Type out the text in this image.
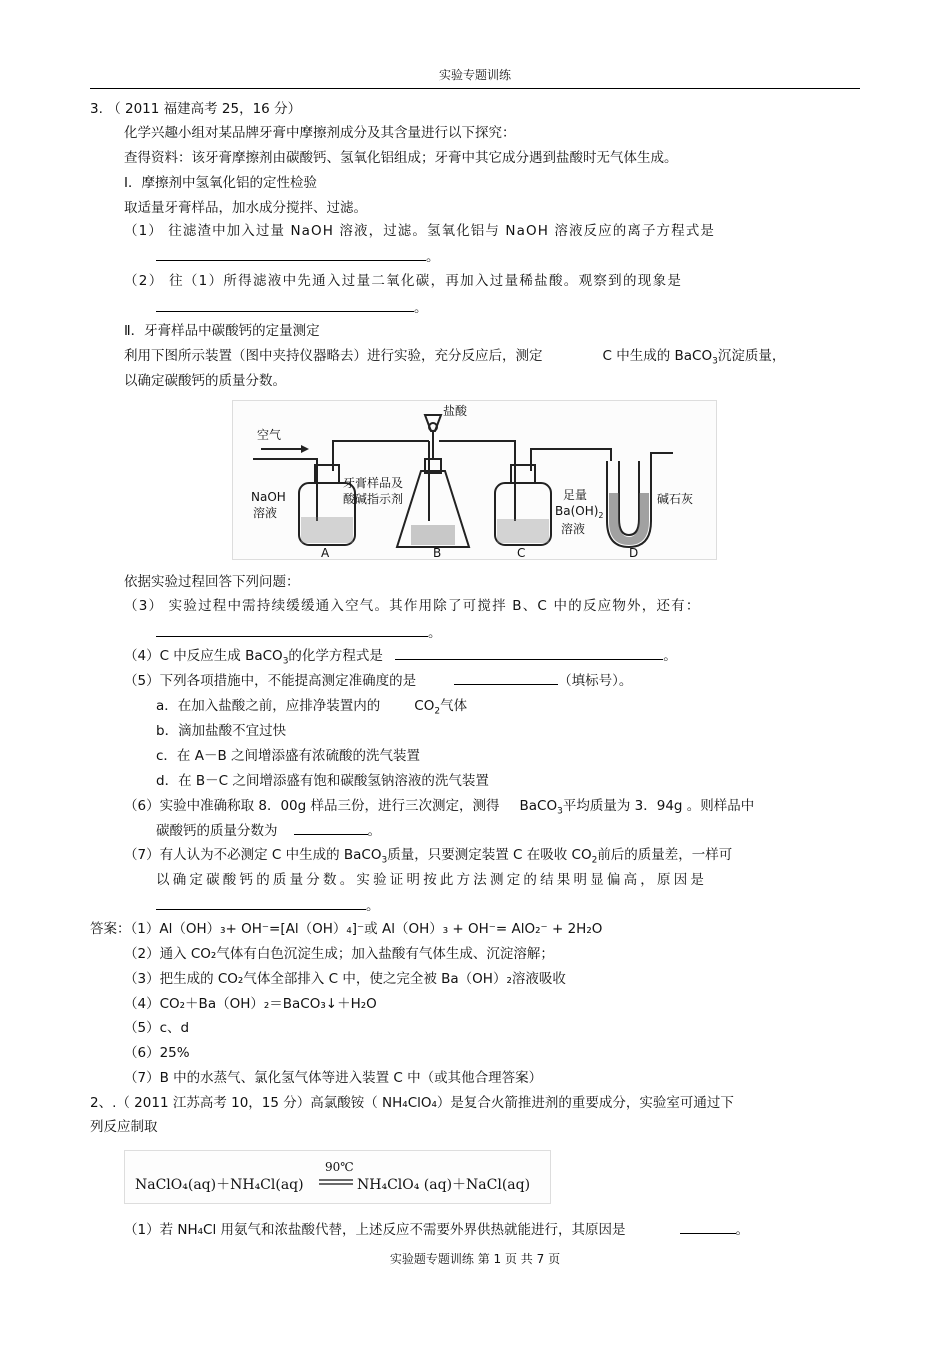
实验专题训练
3. （ 2011 福建高考 25，16 分）
化学兴趣小组对某品牌牙膏中摩擦剂成分及其含量进行以下探究：
查得资料：该牙膏摩擦剂由碳酸钙、氢氧化铝组成；牙膏中其它成分遇到盐酸时无气体生成。
Ⅰ．摩擦剂中氢氧化铝的定性检验
取适量牙膏样品，加水成分搅拌、过滤。
（1） 往滤渣中加入过量 NaOH 溶液，过滤。氢氧化铝与 NaOH 溶液反应的离子方程式是
。
（2） 往（1）所得滤液中先通入过量二氧化碳，再加入过量稀盐酸。观察到的现象是
。
Ⅱ．牙膏样品中碳酸钙的定量测定
利用下图所示装置（图中夹持仪器略去）进行实验，充分反应后，测定	C 中生成的 BaCO$_3$沉淀质量，
以确定碳酸钙的质量分数。
空气
盐酸
NaOH
溶液
牙膏样品及
酸碱指示剂	足量
$Ba(OH)_2$
溶液
碱石灰
A	B	C	D
依据实验过程回答下列问题：
（3） 实验过程中需持续缓缓通入空气。其作用除了可搅拌 B、C 中的反应物外，还有：
。
（4）C 中反应生成 BaCO$_3$的化学方程式是	。
（5）下列各项措施中，不能提高测定准确度的是	（填标号）。
a．在加入盐酸之前，应排净装置内的	$CO_2$气体
b．滴加盐酸不宜过快
c．在 A－B 之间增添盛有浓硫酸的洗气装置
d．在 B－C 之间增添盛有饱和碳酸氢钠溶液的洗气装置
（6）实验中准确称取 8．00g 样品三份，进行三次测定，测得 BaCO$_3$平均质量为 3．94g 。则样品中
碳酸钙的质量分数为	。
（7）有人认为不必测定 C 中生成的 BaCO$_3$质量，只要测定装置 C 在吸收 $CO_2$前后的质量差，一样可
以确定碳酸钙的质量分数。实验证明按此方法测定的结果明显偏高，原因是
。
答案：（1）Al（OH）₃+ OH⁻=[Al（OH）₄]⁻或 Al（OH）₃ + OH⁻= AlO₂⁻ + 2H₂O
（2）通入 CO₂气体有白色沉淀生成；加入盐酸有气体生成、沉淀溶解；
（3）把生成的 CO₂气体全部排入 C 中，使之完全被 Ba（OH）₂溶液吸收
（4）CO₂＋Ba（OH）₂＝BaCO₃↓＋H₂O
（5）c、d
（6）25%
（7）B 中的水蒸气、氯化氢气体等进入装置 C 中（或其他合理答案）
2、.（ 2011 江苏高考 10，15 分）高氯酸铵（ NH₄ClO₄）是复合火箭推进剂的重要成分，实验室可通过下
列反应制取
NaClO₄(aq)＋NH₄Cl(aq)
90℃
NH₄ClO₄ (aq)＋NaCl(aq)
（1）若 NH₄Cl 用氨气和浓盐酸代替，上述反应不需要外界供热就能进行，其原因是	。
实验题专题训练 第 1 页 共 7 页
